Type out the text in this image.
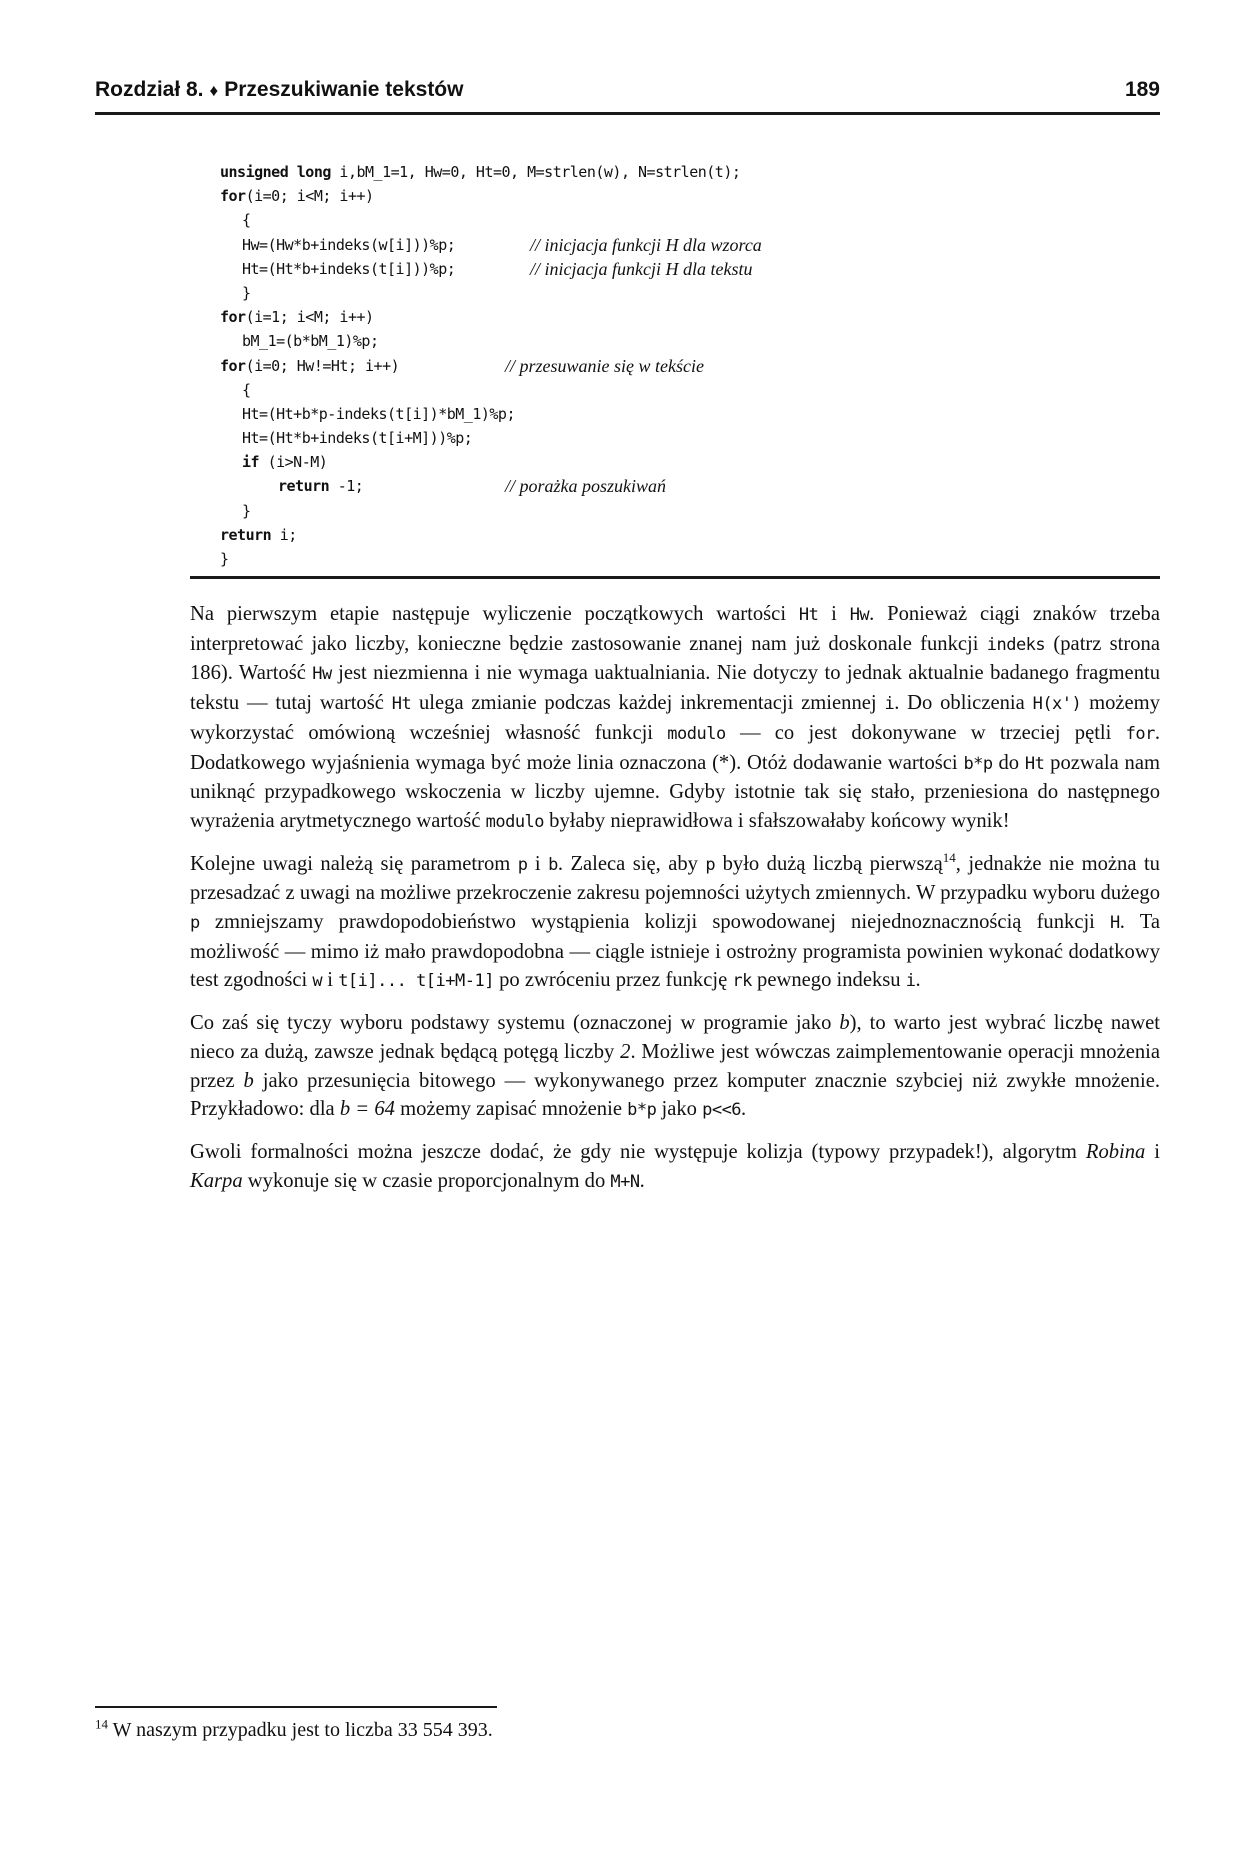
Rozdział 8. ♦ Przeszukiwanie tekstów	189
unsigned long i,bM_1=1, Hw=0, Ht=0, M=strlen(w), N=strlen(t);
for(i=0; i<M; i++)
{
Hw=(Hw*b+indeks(w[i]))%p;	// inicjacja funkcji H dla wzorca
Ht=(Ht*b+indeks(t[i]))%p;	// inicjacja funkcji H dla tekstu
}
for(i=1; i<M; i++)
bM_1=(b*bM_1)%p;
for(i=0; Hw!=Ht; i++)	// przesuwanie się w tekście
{
Ht=(Ht+b*p-indeks(t[i])*bM_1)%p;
Ht=(Ht*b+indeks(t[i+M]))%p;
if (i>N-M)
return -1;	// porażka poszukiwań
}
return i;
}

Na pierwszym etapie następuje wyliczenie początkowych wartości Ht i Hw. Ponieważ ciągi znaków trzeba interpretować jako liczby, konieczne będzie zastosowanie znanej nam już doskonale funkcji indeks (patrz strona 186). Wartość Hw jest niezmienna i nie wymaga uaktualniania. Nie dotyczy to jednak aktualnie badanego fragmentu tekstu — tutaj wartość Ht ulega zmianie podczas każdej inkrementacji zmiennej i. Do obliczenia H(x') możemy wykorzystać omówioną wcześniej własność funkcji modulo — co jest dokonywane w trzeciej pętli for. Dodatkowego wyjaśnienia wymaga być może linia oznaczona (*). Otóż dodawanie wartości b*p do Ht pozwala nam uniknąć przypadkowego wskoczenia w liczby ujemne. Gdyby istotnie tak się stało, przeniesiona do następnego wyrażenia arytmetycznego wartość modulo byłaby nieprawidłowa i sfałszowałaby końcowy wynik!

Kolejne uwagi należą się parametrom p i b. Zaleca się, aby p było dużą liczbą pierwszą$^{14}$, jednakże nie można tu przesadzać z uwagi na możliwe przekroczenie zakresu pojemności użytych zmiennych. W przypadku wyboru dużego p zmniejszamy prawdopodobieństwo wystąpienia kolizji spowodowanej niejednoznacznością funkcji H. Ta możliwość — mimo iż mało prawdopodobna — ciągle istnieje i ostrożny programista powinien wykonać dodatkowy test zgodności w i t[i]... t[i+M-1] po zwróceniu przez funkcję rk pewnego indeksu i.

Co zaś się tyczy wyboru podstawy systemu (oznaczonej w programie jako b), to warto jest wybrać liczbę nawet nieco za dużą, zawsze jednak będącą potęgą liczby 2. Możliwe jest wówczas zaimplementowanie operacji mnożenia przez b jako przesunięcia bitowego — wykonywanego przez komputer znacznie szybciej niż zwykłe mnożenie. Przykładowo: dla b = 64 możemy zapisać mnożenie b*p jako p<<6.

Gwoli formalności można jeszcze dodać, że gdy nie występuje kolizja (typowy przypadek!), algorytm Robina i Karpa wykonuje się w czasie proporcjonalnym do M+N.

$^{14}$ W naszym przypadku jest to liczba 33 554 393.
